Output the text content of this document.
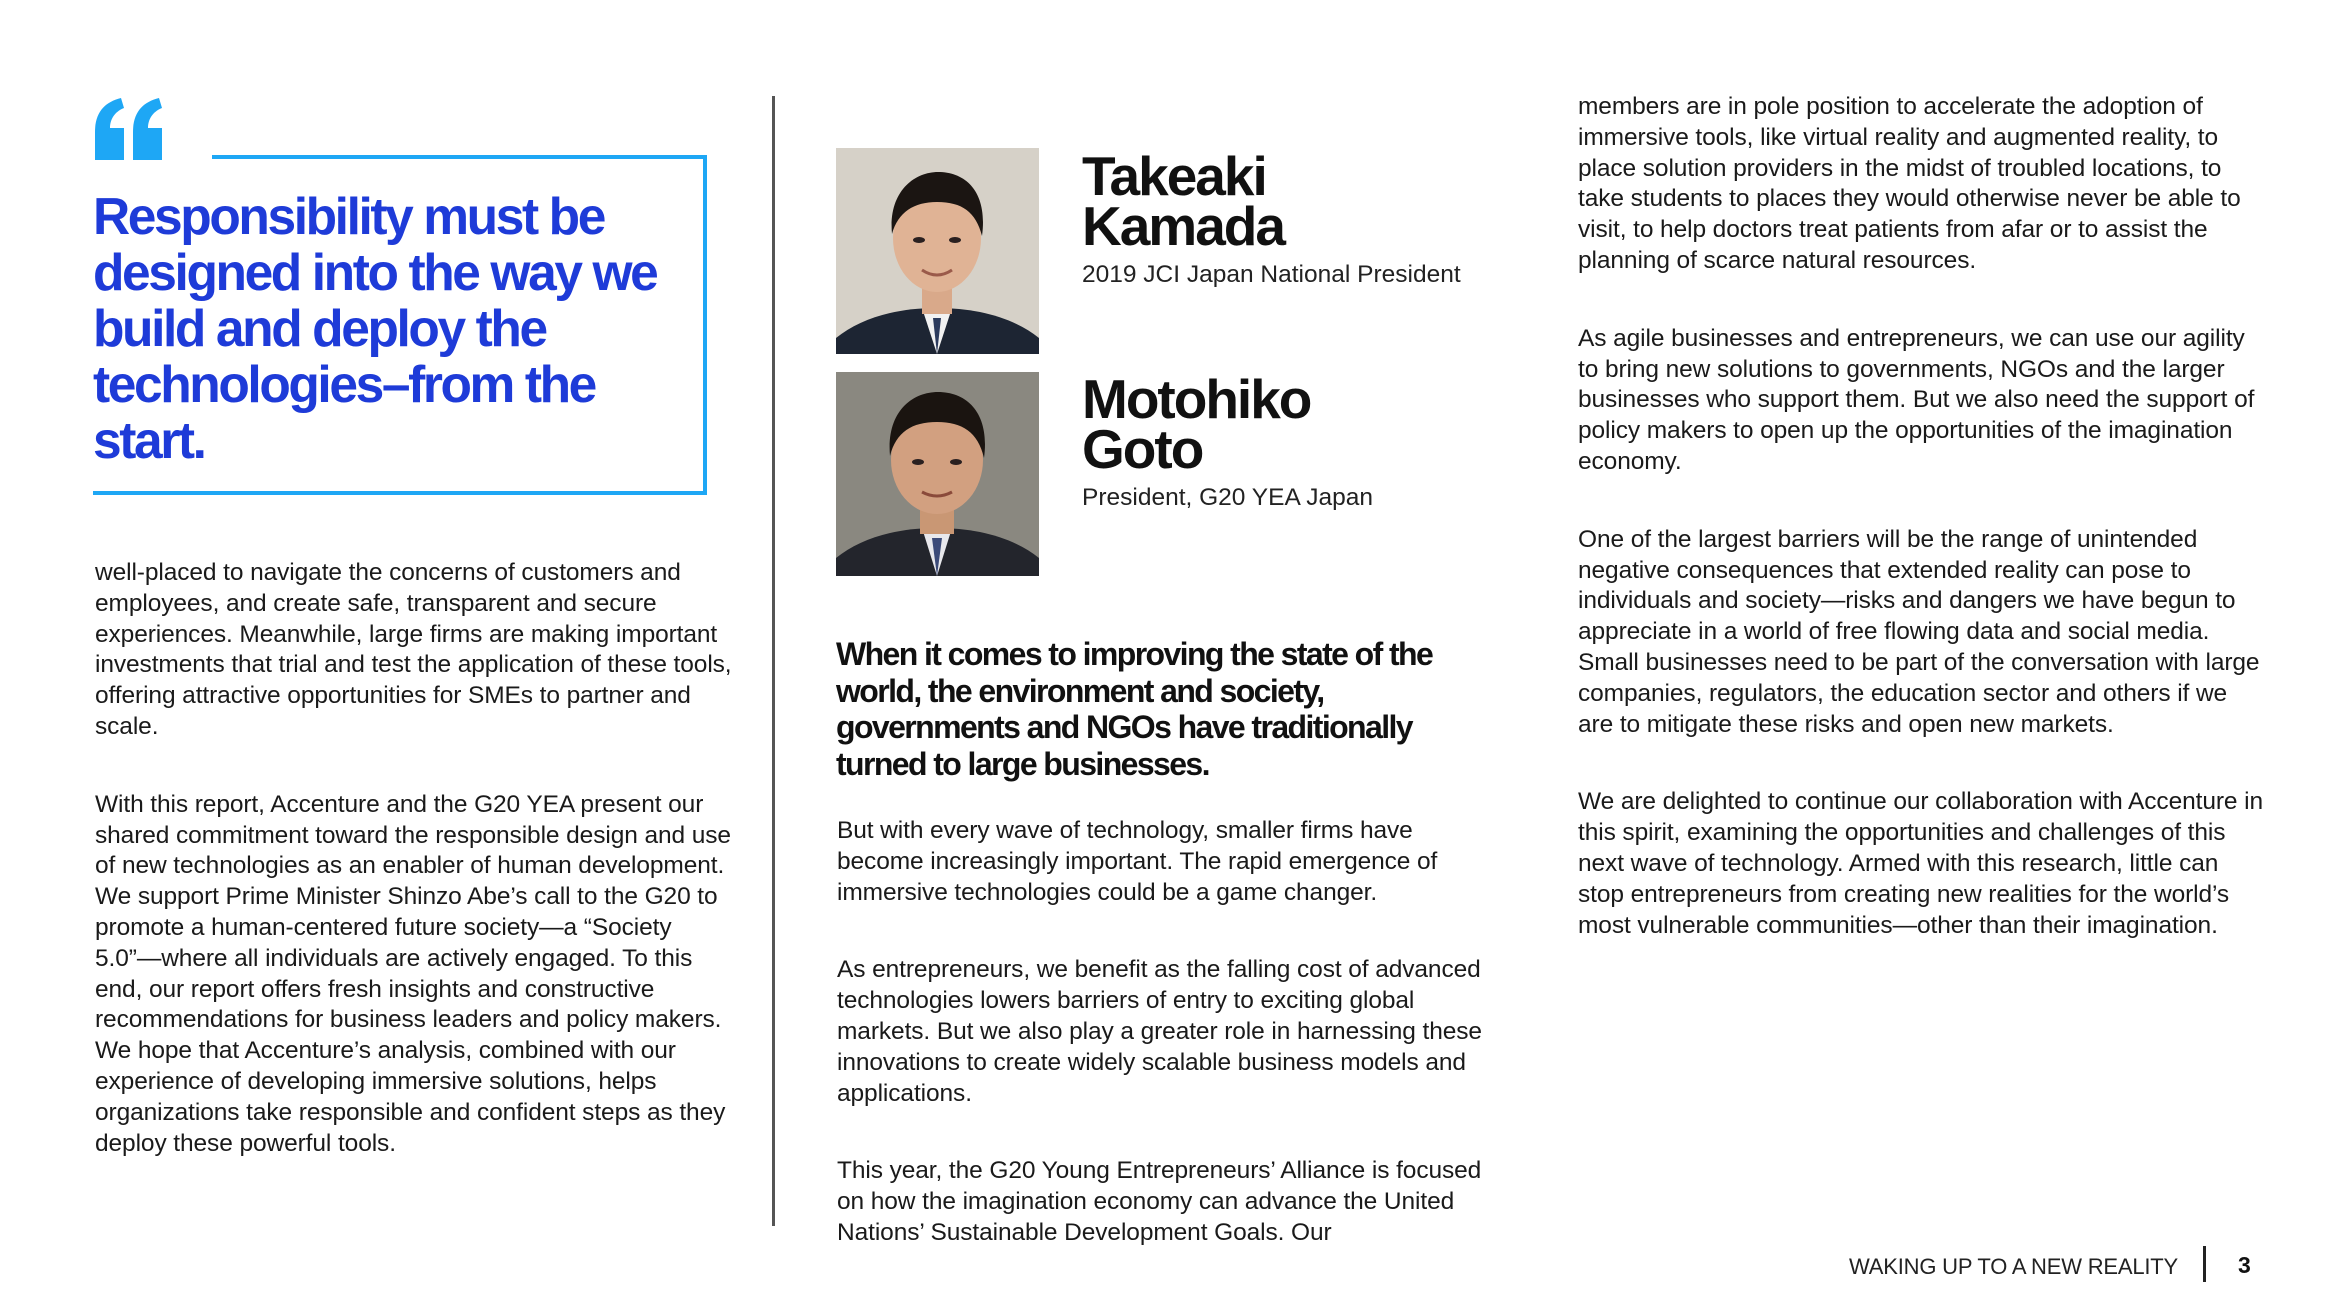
Responsibility must be designed into the way we build and deploy the technologies–from the start.

well-placed to navigate the concerns of customers and employees, and create safe, transparent and secure experiences. Meanwhile, large firms are making important investments that trial and test the application of these tools, offering attractive opportunities for SMEs to partner and scale.

With this report, Accenture and the G20 YEA present our shared commitment toward the responsible design and use of new technologies as an enabler of human development. We support Prime Minister Shinzo Abe’s call to the G20 to promote a human-centered future society—a “Society 5.0”—where all individuals are actively engaged. To this end, our report offers fresh insights and constructive recommendations for business leaders and policy makers. We hope that Accenture’s analysis, combined with our experience of developing immersive solutions, helps organizations take responsible and confident steps as they deploy these powerful tools.

Takeaki

Kamada

2019 JCI Japan National President

Motohiko

Goto

President, G20 YEA Japan

When it comes to improving the state of the world, the environment and society, governments and NGOs have traditionally turned to large businesses.

But with every wave of technology, smaller firms have become increasingly important. The rapid emergence of immersive technologies could be a game changer.

As entrepreneurs, we benefit as the falling cost of advanced technologies lowers barriers of entry to exciting global markets. But we also play a greater role in harnessing these innovations to create widely scalable business models and applications.

This year, the G20 Young Entrepreneurs’ Alliance is focused on how the imagination economy can advance the United Nations’ Sustainable Development Goals. Our

members are in pole position to accelerate the adoption of immersive tools, like virtual reality and augmented reality, to place solution providers in the midst of troubled locations, to take students to places they would otherwise never be able to visit, to help doctors treat patients from afar or to assist the planning of scarce natural resources.

As agile businesses and entrepreneurs, we can use our agility to bring new solutions to governments, NGOs and the larger businesses who support them. But we also need the support of policy makers to open up the opportunities of the imagination economy.

One of the largest barriers will be the range of unintended negative consequences that extended reality can pose to individuals and society—risks and dangers we have begun to appreciate in a world of free flowing data and social media. Small businesses need to be part of the conversation with large companies, regulators, the education sector and others if we are to mitigate these risks and open new markets.

We are delighted to continue our collaboration with Accenture in this spirit, examining the opportunities and challenges of this next wave of technology. Armed with this research, little can stop entrepreneurs from creating new realities for the world’s most vulnerable communities—other than their imagination.

WAKING UP TO A NEW REALITY	3
